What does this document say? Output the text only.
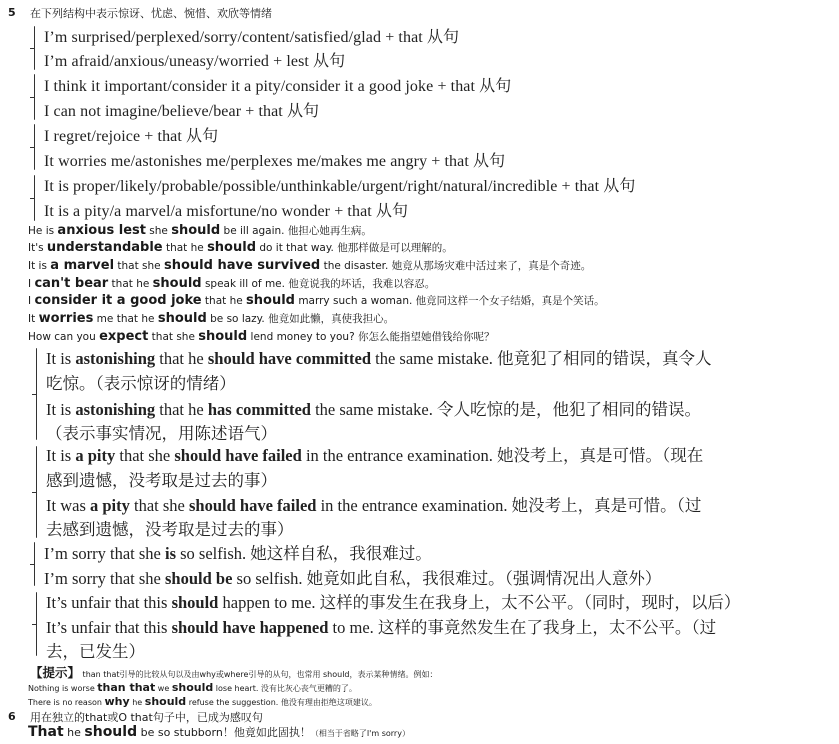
5 在下列结构中表示惊讶、忧虑、惋惜、欢欣等情绪
I’m surprised/perplexed/sorry/content/satisfied/glad + that 从句
I’m afraid/anxious/uneasy/worried + lest 从句
I think it important/consider it a pity/consider it a good joke + that 从句
I can not imagine/believe/bear + that 从句
I regret/rejoice + that 从句
It worries me/astonishes me/perplexes me/makes me angry + that 从句
It is proper/likely/probable/possible/unthinkable/urgent/right/natural/incredible + that 从句
It is a pity/a marvel/a misfortune/no wonder + that 从句
He is anxious lest she should be ill again. 他担心她再生病。
It's understandable that he should do it that way. 他那样做是可以理解的。
It is a marvel that she should have survived the disaster. 她竟从那场灾难中活过来了，真是个奇迹。
I can't bear that he should speak ill of me. 他竟说我的坏话，我难以容忍。
I consider it a good joke that he should marry such a woman. 他竟同这样一个女子结婚，真是个笑话。
It worries me that he should be so lazy. 他竟如此懒，真使我担心。
How can you expect that she should lend money to you? 你怎么能指望她借钱给你呢？
It is astonishing that he should have committed the same mistake. 他竟犯了相同的错误，真令人
吃惊。（表示惊讶的情绪）
It is astonishing that he has committed the same mistake. 令人吃惊的是，他犯了相同的错误。
（表示事实情况，用陈述语气）
It is a pity that she should have failed in the entrance examination. 她没考上，真是可惜。（现在
感到遗憾，没考取是过去的事）
It was a pity that she should have failed in the entrance examination. 她没考上，真是可惜。（过
去感到遗憾，没考取是过去的事）
I’m sorry that she is so selfish. 她这样自私，我很难过。
I’m sorry that she should be so selfish. 她竟如此自私，我很难过。（强调情况出人意外）
It’s unfair that this should happen to me. 这样的事发生在我身上，太不公平。（同时，现时，以后）
It’s unfair that this should have happened to me. 这样的事竟然发生在了我身上，太不公平。（过
去，已发生）
【提示】 than that引导的比较从句以及由why或where引导的从句，也常用 should，表示某种情绪。例如：
Nothing is worse than that we should lose heart. 没有比灰心丧气更糟的了。
There is no reason why he should refuse the suggestion. 他没有理由拒绝这项建议。
6 用在独立的that或O that句子中，已成为感叹句
That he should be so stubborn！他竟如此固执！（相当于省略了I'm sorry）
